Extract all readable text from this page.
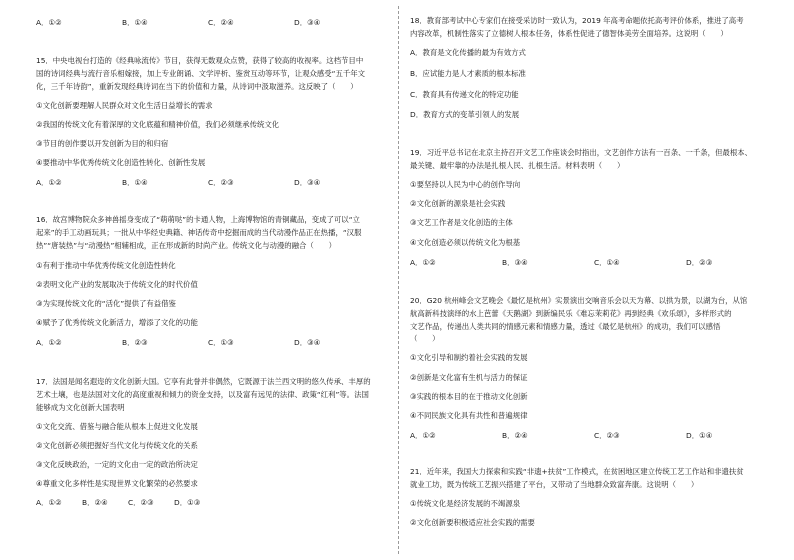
A．①②	B．①④	C．②④	D．③④
15．中央电视台打造的《经典咏流传》节目，获得无数观众点赞，获得了较高的收视率。这档节目中
国的诗词经典与流行音乐相嫁接，加上专业朗诵、文学评析、鉴赏互动等环节，让观众感受“五千年文
化，三千年诗韵”，重新发现经典诗词在当下的价值和力量，从诗词中汲取滋养。这反映了（　　）
①文化创新要理解人民群众对文化生活日益增长的需求
②我国的传统文化有着深厚的文化底蕴和精神价值，我们必须继承传统文化
③节目的创作要以开发创新为目的和归宿
④要推动中华优秀传统文化创造性转化、创新性发展
A．①②	B．①④	C．②③	D．③④
16．故宫博物院众多神兽摇身变成了“萌萌哒”的卡通人物，上海博物馆的青铜藏品，变成了可以“立
起来”的手工动画玩具；一批从中华经史典籍、神话传奇中挖掘而成的当代动漫作品正在热播，“汉服
热”“唐装热”与“动漫热”相辅相成，正在形成新的时尚产业。传统文化与动漫的融合（　　）
①有利于推动中华优秀传统文化创造性转化
②表明文化产业的发展取决于传统文化的时代价值
③为实现传统文化的“活化”提供了有益借鉴
④赋予了优秀传统文化新活力，增添了文化的功能
A．①②	B．②③	C．①③	D．③④
17．法国是闻名遐迩的文化创新大国。它享有此誉并非偶然，它既源于法兰西文明的悠久传承、丰厚的
艺术土壤，也是法国对文化的高度重视和倾力的资金支持，以及富有远见的法律、政策“红利”等。法国
能够成为文化创新大国表明
①文化交流、借鉴与融合能从根本上促进文化发展
②文化创新必须把握好当代文化与传统文化的关系
③文化反映政治，一定的文化由一定的政治所决定
④尊重文化多样性是实现世界文化繁荣的必然要求
A．①②	B．②④	C．②③	D．①③
18．教育部考试中心专家们在接受采访时一致认为，2019 年高考命题依托高考评价体系，推进了高考
内容改革，机制性落实了立德树人根本任务，体系性促进了德智体美劳全面培养。这说明（　　）
A．教育是文化传播的最为有效方式
B．应试能力是人才素质的根本标准
C．教育具有传递文化的特定功能
D．教育方式的变革引领人的发展
19．习近平总书记在北京主持召开文艺工作座谈会时指出，文艺创作方法有一百条、一千条，但最根本、
最关键、最牢靠的办法是扎根人民、扎根生活。材料表明（　　）
①要坚持以人民为中心的创作导向
②文化创新的源泉是社会实践
③文艺工作者是文化创造的主体
④文化创造必须以传统文化为根基
A．①②	B．③④	C．①④	D．②③
20．G20 杭州峰会文艺晚会《最忆是杭州》实景演出交响音乐会以天为幕、以拱为景，以湖为台，从馆
航高新科技演绎的水上芭蕾《天鹅湖》到新编民乐《难忘茉莉花》再到经典《欢乐颂》，多样形式的
文艺作品，传递出人类共同的情感元素和情感力量，透过《最忆是杭州》的成功，我们可以感悟
（　　）
①文化引导和制约着社会实践的发展
②创新是文化富有生机与活力的保证
③实践的根本目的在于推动文化创新
④不同民族文化具有共性和普遍规律
A．①②	B．②④	C．②③	D．①④
21．近年来，我国大力探索和实践“非遗+扶贫”工作模式，在贫困地区建立传统工艺工作站和非遗扶贫
就业工坊，既为传统工艺振兴搭建了平台，又带动了当地群众致富奔康。这说明（　　）
①传统文化是经济发展的不竭源泉
②文化创新要积极适应社会实践的需要
